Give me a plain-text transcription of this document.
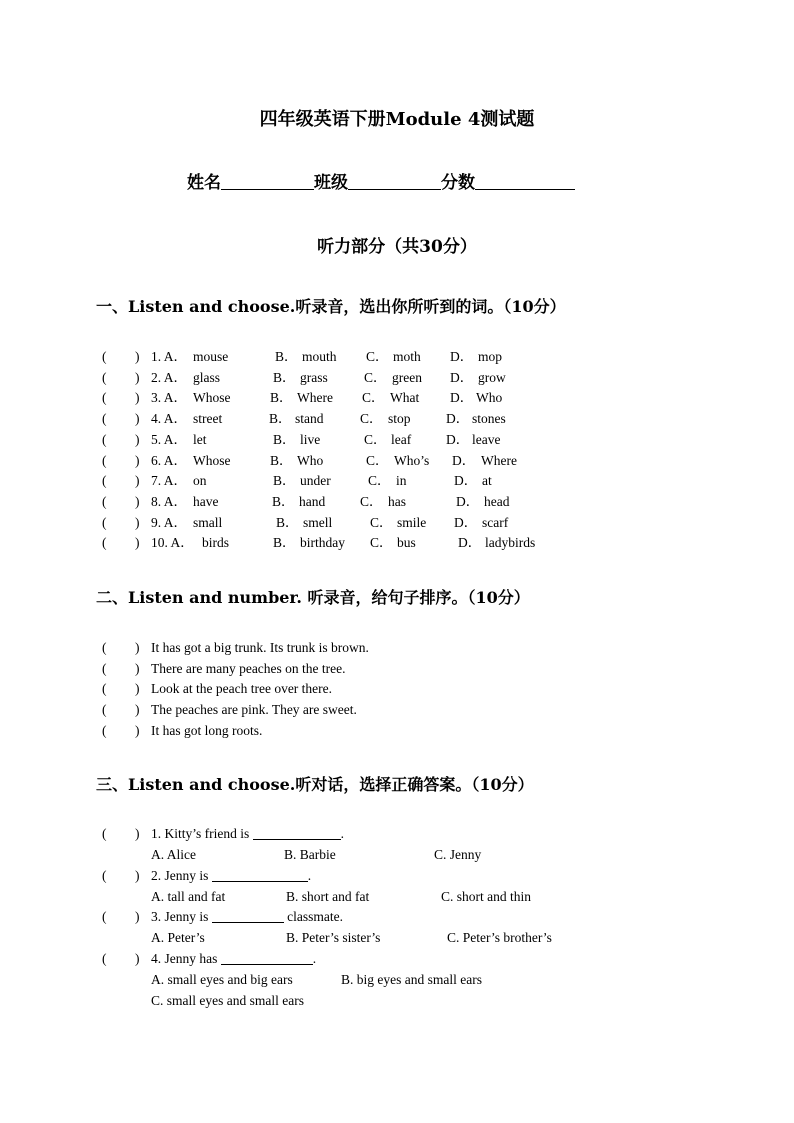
四年级英语下册Module 4测试题
姓名	班级	分数
听力部分（共30分）
一、Listen and choose.听录音，选出你所听到的词。（10分）
( ) 1. A． mouse	B． mouth C． moth D． mop
( ) 2. A． glass	B． grass	C． green D． grow
( ) 3. A． Whose	B． Where C． What D． Who
( ) 4. A． street	B． stand	C． stop	D． stones
( ) 5. A． let	B． live	C． leaf	D． leave
( ) 6. A． Whose	B． Who	C． Who’s D． Where
( ) 7. A． on	B． under	C． in	D． at
( ) 8. A． have	B． hand	C． has	D． head
( ) 9. A． small	B． smell	C． smile D． scarf
( ) 10. A． birds	B． birthday C． bus	D． ladybirds
二、Listen and number. 听录音，给句子排序。（10分）
( ) It has got a big trunk. Its trunk is brown.
( ) There are many peaches on the tree.
( ) Look at the peach tree over there.
( ) The peaches are pink. They are sweet.
( ) It has got long roots.
三、Listen and choose.听对话，选择正确答案。（10分）
( ) 1. Kitty’s friend is	.
A. Alice	B. Barbie	C. Jenny
( ) 2. Jenny is	.
A. tall and fat	B. short and fat	C. short and thin
( ) 3. Jenny is	classmate.
A. Peter’s	B. Peter’s sister’s	C. Peter’s brother’s
( ) 4. Jenny has	.
A. small eyes and big ears	B. big eyes and small ears
C. small eyes and small ears
